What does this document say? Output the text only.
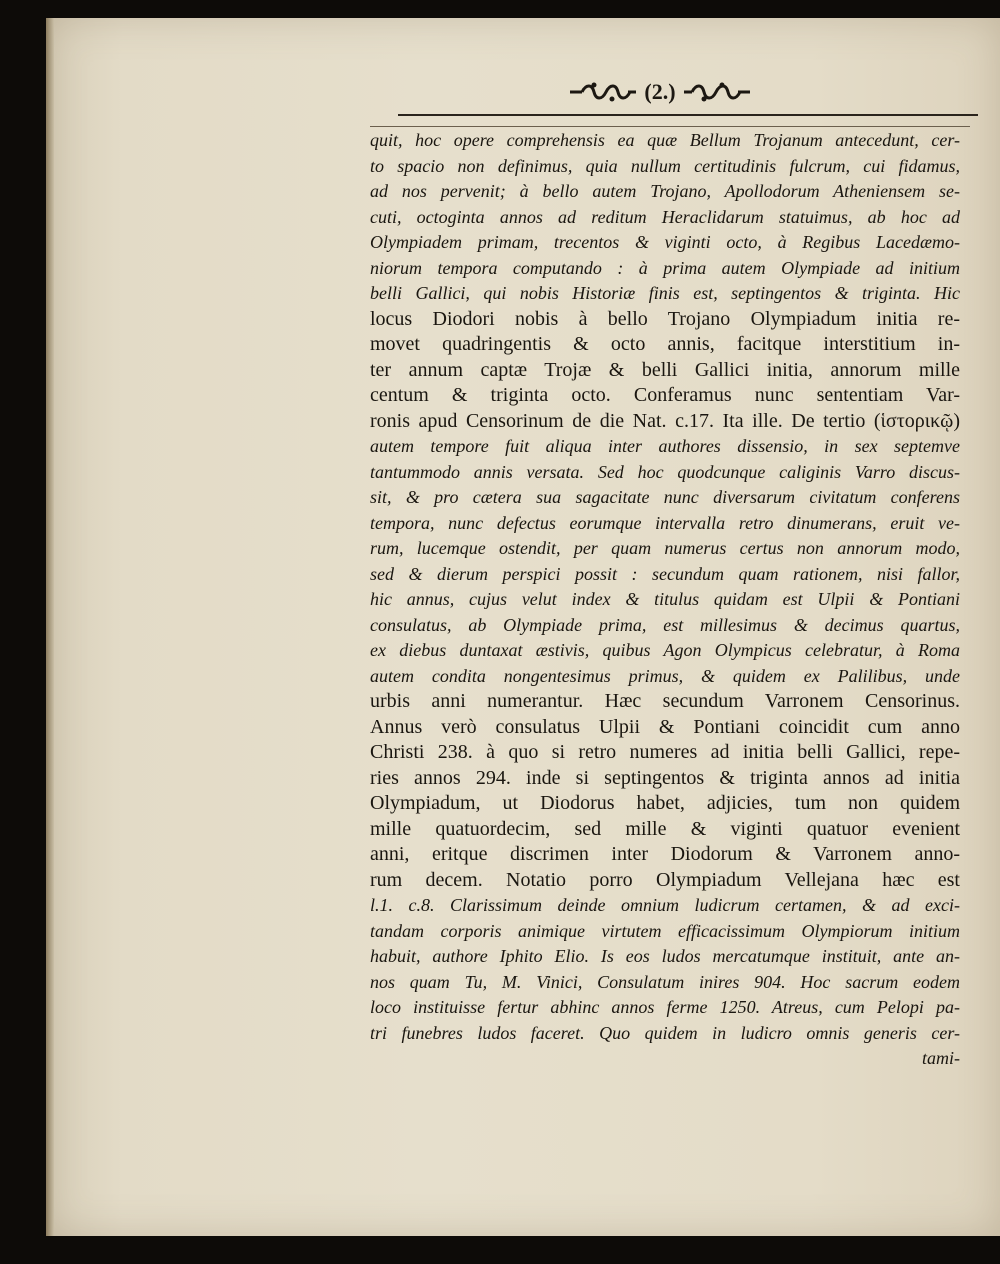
(2.)
quit, hoc opere comprehensis ea quæ Bellum Trojanum antecedunt, cer-
to spacio non definimus, quia nullum certitudinis fulcrum, cui fidamus,
ad nos pervenit; à bello autem Trojano, Apollodorum Atheniensem se-
cuti, octoginta annos ad reditum Heraclidarum statuimus, ab hoc ad
Olympiadem primam, trecentos & viginti octo, à Regibus Lacedæmo-
niorum tempora computando : à prima autem Olympiade ad initium
belli Gallici, qui nobis Historiæ finis est, septingentos & triginta. Hic
locus Diodori nobis à bello Trojano Olympiadum initia re-
movet quadringentis & octo annis, facitque interstitium in-
ter annum captæ Trojæ & belli Gallici initia, annorum mille
centum & triginta octo. Conferamus nunc sententiam Var-
ronis apud Censorinum de die Nat. c.17. Ita ille. De tertio (ἱστορικῷ)
autem tempore fuit aliqua inter authores dissensio, in sex septemve
tantummodo annis versata. Sed hoc quodcunque caliginis Varro discus-
sit, & pro cætera sua sagacitate nunc diversarum civitatum conferens
tempora, nunc defectus eorumque intervalla retro dinumerans, eruit ve-
rum, lucemque ostendit, per quam numerus certus non annorum modo,
sed & dierum perspici possit : secundum quam rationem, nisi fallor,
hic annus, cujus velut index & titulus quidam est Ulpii & Pontiani
consulatus, ab Olympiade prima, est millesimus & decimus quartus,
ex diebus duntaxat æstivis, quibus Agon Olympicus celebratur, à Roma
autem condita nongentesimus primus, & quidem ex Palilibus, unde
urbis anni numerantur. Hæc secundum Varronem Censorinus.
Annus verò consulatus Ulpii & Pontiani coincidit cum anno
Christi 238. à quo si retro numeres ad initia belli Gallici, repe-
ries annos 294. inde si septingentos & triginta annos ad initia
Olympiadum, ut Diodorus habet, adjicies, tum non quidem
mille quatuordecim, sed mille & viginti quatuor evenient
anni, eritque discrimen inter Diodorum & Varronem anno-
rum decem. Notatio porro Olympiadum Vellejana hæc est
l.1. c.8. Clarissimum deinde omnium ludicrum certamen, & ad exci-
tandam corporis animique virtutem efficacissimum Olympiorum initium
habuit, authore Iphito Elio. Is eos ludos mercatumque instituit, ante an-
nos quam Tu, M. Vinici, Consulatum inires 904. Hoc sacrum eodem
loco instituisse fertur abhinc annos ferme 1250. Atreus, cum Pelopi pa-
tri funebres ludos faceret. Quo quidem in ludicro omnis generis cer-
tami-
